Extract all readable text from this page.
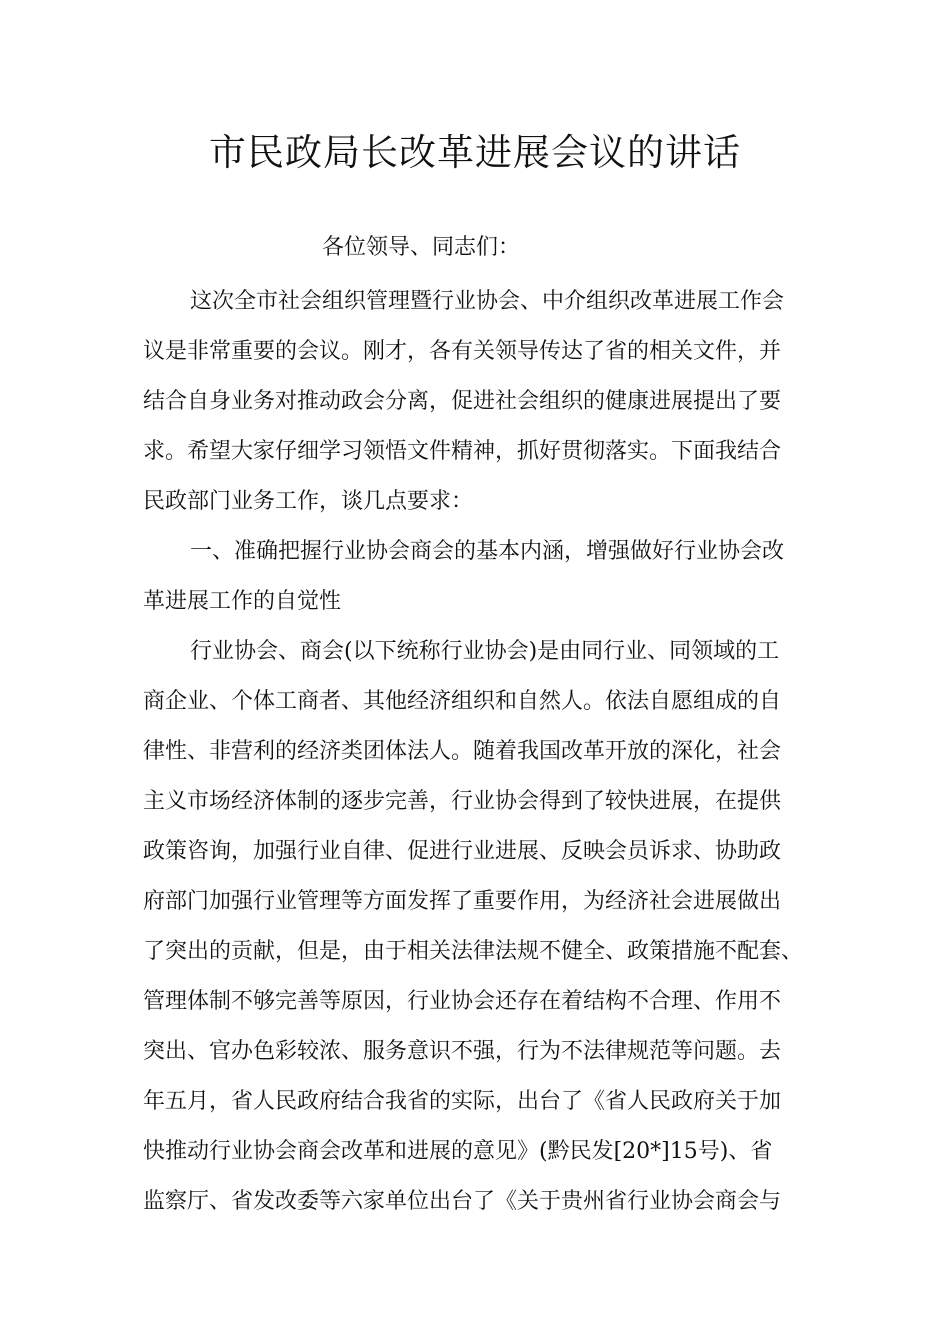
市民政局长改革进展会议的讲话

各位领导、同志们：

这次全市社会组织管理暨行业协会、中介组织改革进展工作会

议是非常重要的会议。刚才，各有关领导传达了省的相关文件，并

结合自身业务对推动政会分离，促进社会组织的健康进展提出了要

求。希望大家仔细学习领悟文件精神，抓好贯彻落实。下面我结合

民政部门业务工作，谈几点要求：

一、准确把握行业协会商会的基本内涵，增强做好行业协会改

革进展工作的自觉性

行业协会、商会(以下统称行业协会)是由同行业、同领域的工

商企业、个体工商者、其他经济组织和自然人。依法自愿组成的自

律性、非营利的经济类团体法人。随着我国改革开放的深化，社会

主义市场经济体制的逐步完善，行业协会得到了较快进展，在提供

政策咨询，加强行业自律、促进行业进展、反映会员诉求、协助政

府部门加强行业管理等方面发挥了重要作用，为经济社会进展做出

了突出的贡献，但是，由于相关法律法规不健全、政策措施不配套、

管理体制不够完善等原因，行业协会还存在着结构不合理、作用不

突出、官办色彩较浓、服务意识不强，行为不法律规范等问题。去

年五月，省人民政府结合我省的实际，出台了《省人民政府关于加

快推动行业协会商会改革和进展的意见》(黔民发[20*]15号)、省

监察厅、省发改委等六家单位出台了《关于贵州省行业协会商会与
